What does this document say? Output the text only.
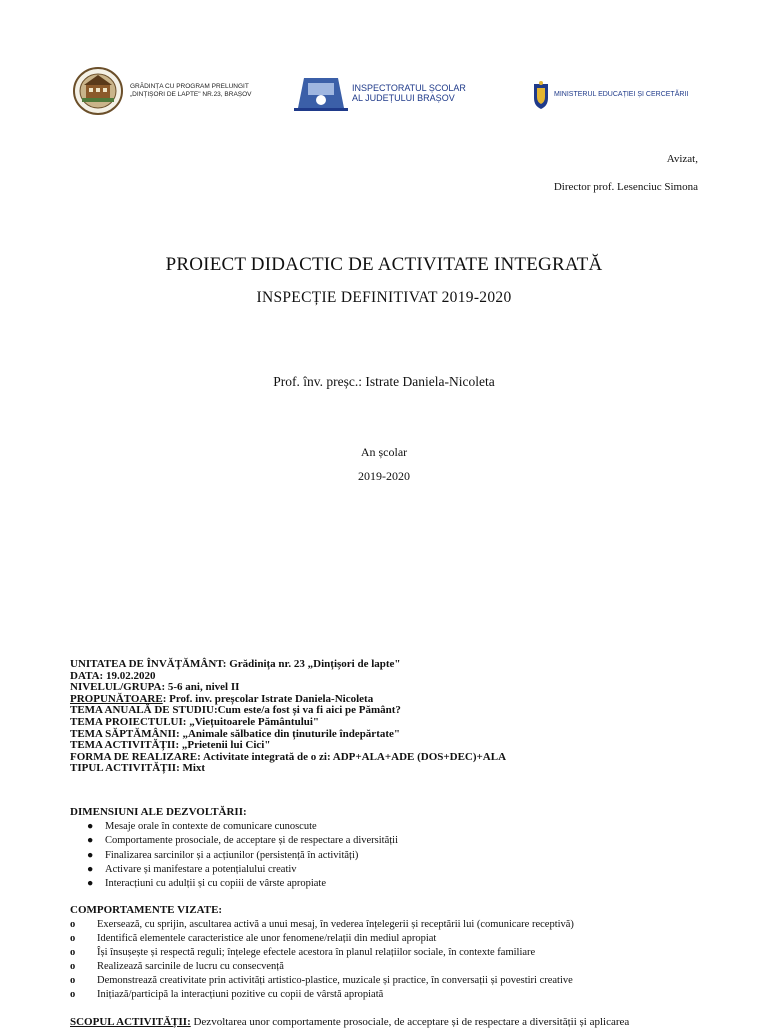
GRĂDINȚA CU PROGRAM PRELUNGIT
„DINȚIȘORI DE LAPTE" NR.23, BRAȘOV
INSPECTORATUL ȘCOLAR
AL JUDEȚULUI BRAȘOV	MINISTERUL EDUCAȚIEI ȘI CERCETĂRII
Avizat,
Director prof. Lesenciuc Simona
PROIECT DIDACTIC DE ACTIVITATE INTEGRATĂ
INSPECȚIE DEFINITIVAT 2019-2020
Prof. înv. preșc.: Istrate Daniela-Nicoleta
An școlar
2019-2020
UNITATEA DE ÎNVĂȚĂMÂNT: Grădinița nr. 23 „Dințișori de lapte"
DATA: 19.02.2020
NIVELUL/GRUPA: 5-6 ani, nivel II
PROPUNĂTOARE: Prof. inv. preșcolar Istrate Daniela-Nicoleta
TEMA ANUALĂ DE STUDIU:Cum este/a fost și va fi aici pe Pământ?
TEMA PROIECTULUI: „Viețuitoarele Pământului"
TEMA SĂPTĂMÂNII: „Animale sălbatice din ținuturile îndepărtate"
TEMA ACTIVITĂȚII: „Prietenii lui Cici"
FORMA DE REALIZARE: Activitate integrată de o zi: ADP+ALA+ADE (DOS+DEC)+ALA
TIPUL ACTIVITĂȚII: Mixt
DIMENSIUNI ALE DEZVOLTĂRII:
● Mesaje orale în contexte de comunicare cunoscute
● Comportamente prosociale, de acceptare și de respectare a diversității
● Finalizarea sarcinilor și a acțiunilor (persistență în activități)
● Activare și manifestare a potențialului creativ
● Interacțiuni cu adulții și cu copiii de vârste apropiate
COMPORTAMENTE VIZATE:
o Exersează, cu sprijin, ascultarea activă a unui mesaj, în vederea înțelegerii și receptării lui (comunicare receptivă)
o Identifică elementele caracteristice ale unor fenomene/relații din mediul apropiat
o Își însușește și respectă reguli; înțelege efectele acestora în planul relațiilor sociale, în contexte familiare
o Realizează sarcinile de lucru cu consecvență
o Demonstrează creativitate prin activități artistico-plastice, muzicale și practice, în conversații și povestiri creative
o Inițiază/participă la interacțiuni pozitive cu copii de vârstă apropiată
SCOPUL ACTIVITĂȚII: Dezvoltarea unor comportamente prosociale, de acceptare și de respectare a diversității și aplicarea
